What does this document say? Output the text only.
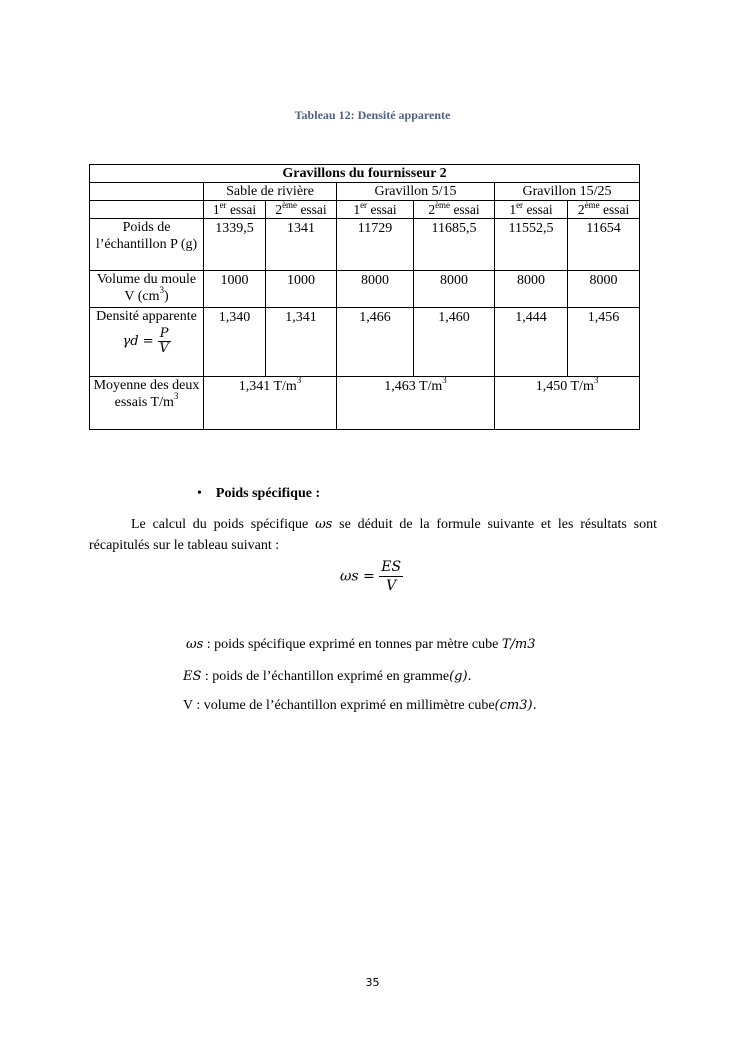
Tableau 12: Densité apparente
Gravillons du fournisseur 2						
	Sable de rivière		Gravillon 5/15		Gravillon 15/25	
	1er essai	2ème essai	1er essai	2ème essai	1er essai	2ème essai
Poids de l’échantillon P (g)	1339,5	1341	11729	11685,5	11552,5	11654
Volume du moule V $(cm^3)$	1000	1000	8000	8000	8000	8000

Densité apparente
$\gamma d = \frac{P}{V}$	1,340	1,341	1,466	1,460	1,444	1,456
Moyenne des deux essais $T/m^3$	1,341 $T/m^3$		1,463 $T/m^3$		1,450 $T/m^3$
• Poids spécifique :

Le calcul du poids spécifique ωs se déduit de la formule suivante et les résultats sont récapitulés sur le tableau suivant :

$\omega s = \frac{ES}{V}$
ωs : poids spécifique exprimé en tonnes par mètre cube T/m3
ES : poids de l’échantillon exprimé en gramme(g).
V : volume de l’échantillon exprimé en millimètre cube(cm3).
35
